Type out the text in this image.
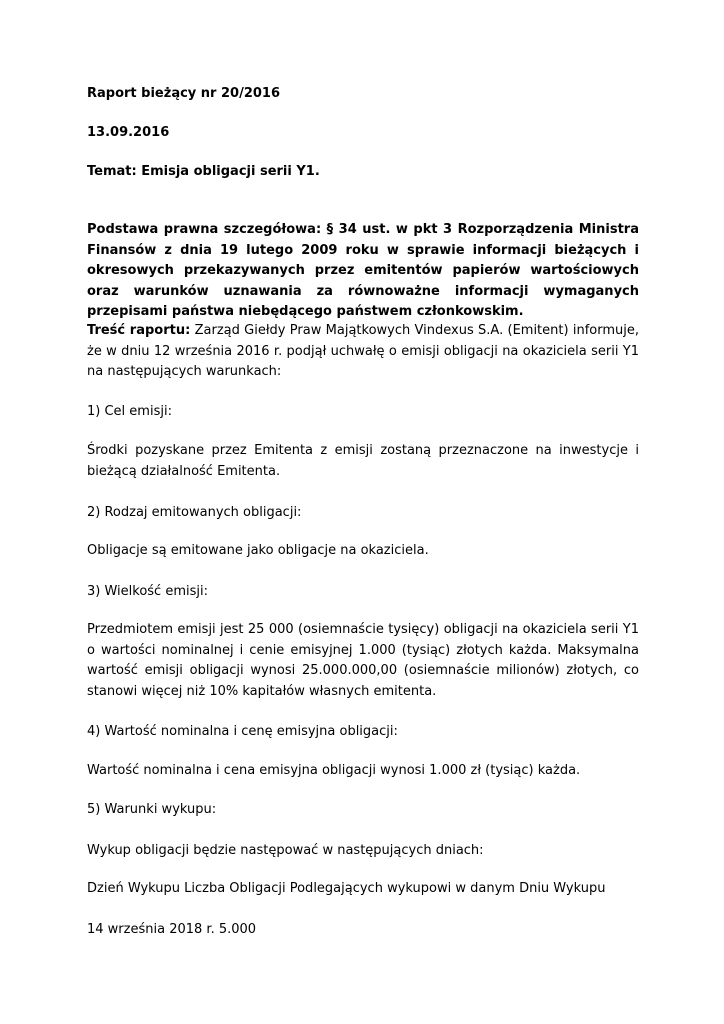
Raport bieżący nr 20/2016
13.09.2016
Temat: Emisja obligacji serii Y1.
Podstawa prawna szczegółowa: § 34 ust. w pkt 3 Rozporządzenia Ministra Finansów z dnia 19 lutego 2009 roku w sprawie informacji bieżących i okresowych przekazywanych przez emitentów papierów wartościowych oraz warunków uznawania za równoważne informacji wymaganych przepisami państwa niebędącego państwem członkowskim.
Treść raportu: Zarząd Giełdy Praw Majątkowych Vindexus S.A. (Emitent) informuje, że w dniu 12 września 2016 r. podjął uchwałę o emisji obligacji na okaziciela serii Y1 na następujących warunkach:
1) Cel emisji:
Środki pozyskane przez Emitenta z emisji zostaną przeznaczone na inwestycje i bieżącą działalność Emitenta.
2) Rodzaj emitowanych obligacji:
Obligacje są emitowane jako obligacje na okaziciela.
3) Wielkość emisji:
Przedmiotem emisji jest 25 000 (osiemnaście tysięcy) obligacji na okaziciela serii Y1 o wartości nominalnej i cenie emisyjnej 1.000 (tysiąc) złotych każda. Maksymalna wartość emisji obligacji wynosi 25.000.000,00 (osiemnaście milionów) złotych, co stanowi więcej niż 10% kapitałów własnych emitenta.
4) Wartość nominalna i cenę emisyjna obligacji:
Wartość nominalna i cena emisyjna obligacji wynosi 1.000 zł (tysiąc) każda.
5) Warunki wykupu:
Wykup obligacji będzie następować w następujących dniach:
Dzień Wykupu Liczba Obligacji Podlegających wykupowi w danym Dniu Wykupu
14 września 2018 r. 5.000
